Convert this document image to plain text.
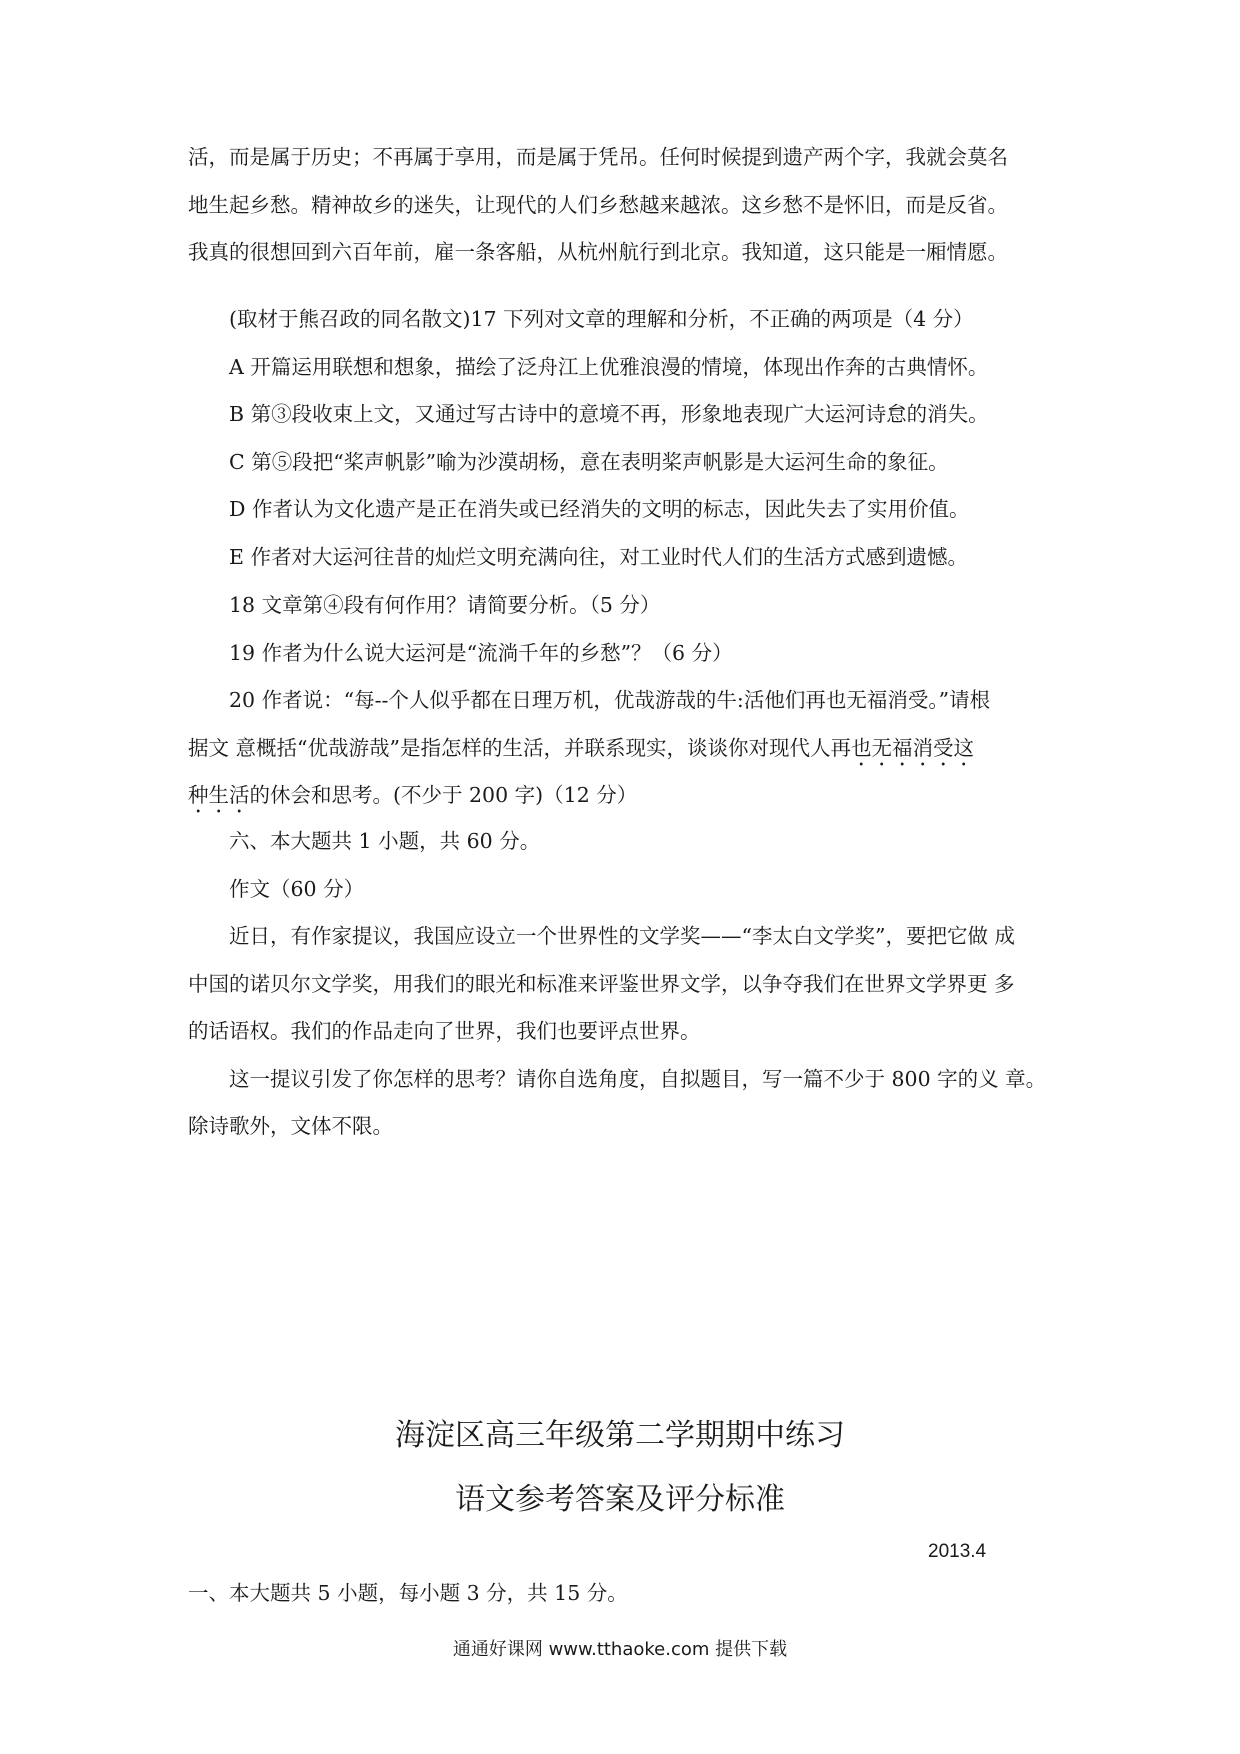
活，而是属于历史；不再属于享用，而是属于凭吊。任何时候提到遗产两个字，我就会莫名
地生起乡愁。精神故乡的迷失，让现代的人们乡愁越来越浓。这乡愁不是怀旧，而是反省。
我真的很想回到六百年前，雇一条客船，从杭州航行到北京。我知道，这只能是一厢情愿。
(取材于熊召政的同名散文)17 下列对文章的理解和分析，不正确的两项是（4 分）
A 开篇运用联想和想象，描绘了泛舟江上优雅浪漫的情境，体现出作奔的古典情怀。
B 第③段收束上文，又通过写古诗中的意境不再，形象地表现广大运河诗怠的消失。
C 第⑤段把“桨声帆影”喻为沙漠胡杨，意在表明桨声帆影是大运河生命的象征。
D 作者认为文化遗产是正在消失或已经消失的文明的标志，因此失去了实用价值。
E 作者对大运河往昔的灿烂文明充满向往，对工业时代人们的生活方式感到遗憾。
18 文章第④段有何作用？请简要分析。（5 分）
19 作者为什么说大运河是“流淌千年的乡愁”？（6 分）
20 作者说：“每--个人似乎都在日理万机，优哉游哉的牛:活他们再也无福消受。”请根
据文 意概括“优哉游哉”是指怎样的生活，并联系现实，谈谈你对现代人再也无福消受这
种生活的休会和思考。(不少于 200 字)（12 分）
六、本大题共 1 小题，共 60 分。
作文（60 分）
近日，有作家提议，我国应设立一个世界性的文学奖——“李太白文学奖”，要把它做 成
中国的诺贝尔文学奖，用我们的眼光和标准来评鉴世界文学，以争夺我们在世界文学界更 多
的话语权。我们的作品走向了世界，我们也要评点世界。
这一提议引发了你怎样的思考？请你自选角度，自拟题目，写一篇不少于 800 字的义 章。
除诗歌外，文体不限。
海淀区高三年级第二学期期中练习
语文参考答案及评分标准
2013.4
一、本大题共 5 小题，每小题 3 分，共 15 分。
通通好课网 www.tthaoke.com 提供下载
